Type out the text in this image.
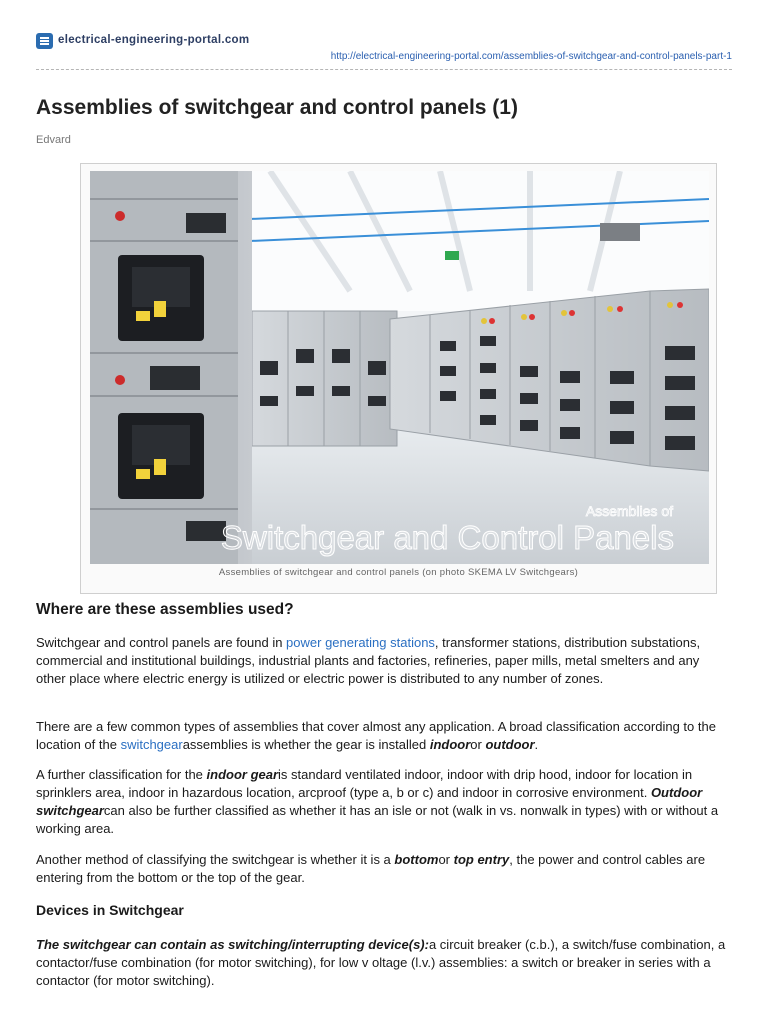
electrical-engineering-portal.com
http://electrical-engineering-portal.com/assemblies-of-switchgear-and-control-panels-part-1
Assemblies of switchgear and control panels (1)
Edvard
Assemblies of
Switchgear and Control Panels
Assemblies of switchgear and control panels (on photo SKEMA LV Switchgears)
Where are these assemblies used?

Switchgear and control panels are found in power generating stations, transformer stations, distribution substations, commercial and institutional buildings, industrial plants and factories, refineries, paper mills, metal smelters and any other place where electric energy is utilized or electric power is distributed to any number of zones.

There are a few common types of assemblies that cover almost any application. A broad classification according to the location of the switchgearassemblies is whether the gear is installed indooror outdoor.

A further classification for the indoor gearis standard ventilated indoor, indoor with drip hood, indoor for location in sprinklers area, indoor in hazardous location, arcproof (type a, b or c) and indoor in corrosive environment. Outdoor switchgearcan also be further classified as whether it has an isle or not (walk in vs. nonwalk in types) with or without a working area.

Another method of classifying the switchgear is whether it is a bottomor top entry, the power and control cables are entering from the bottom or the top of the gear.

Devices in Switchgear

The switchgear can contain as switching/interrupting device(s):a circuit breaker (c.b.), a switch/fuse combination, a contactor/fuse combination (for motor switching), for low v oltage (l.v.) assemblies: a switch or breaker in series with a contactor (for motor switching).
